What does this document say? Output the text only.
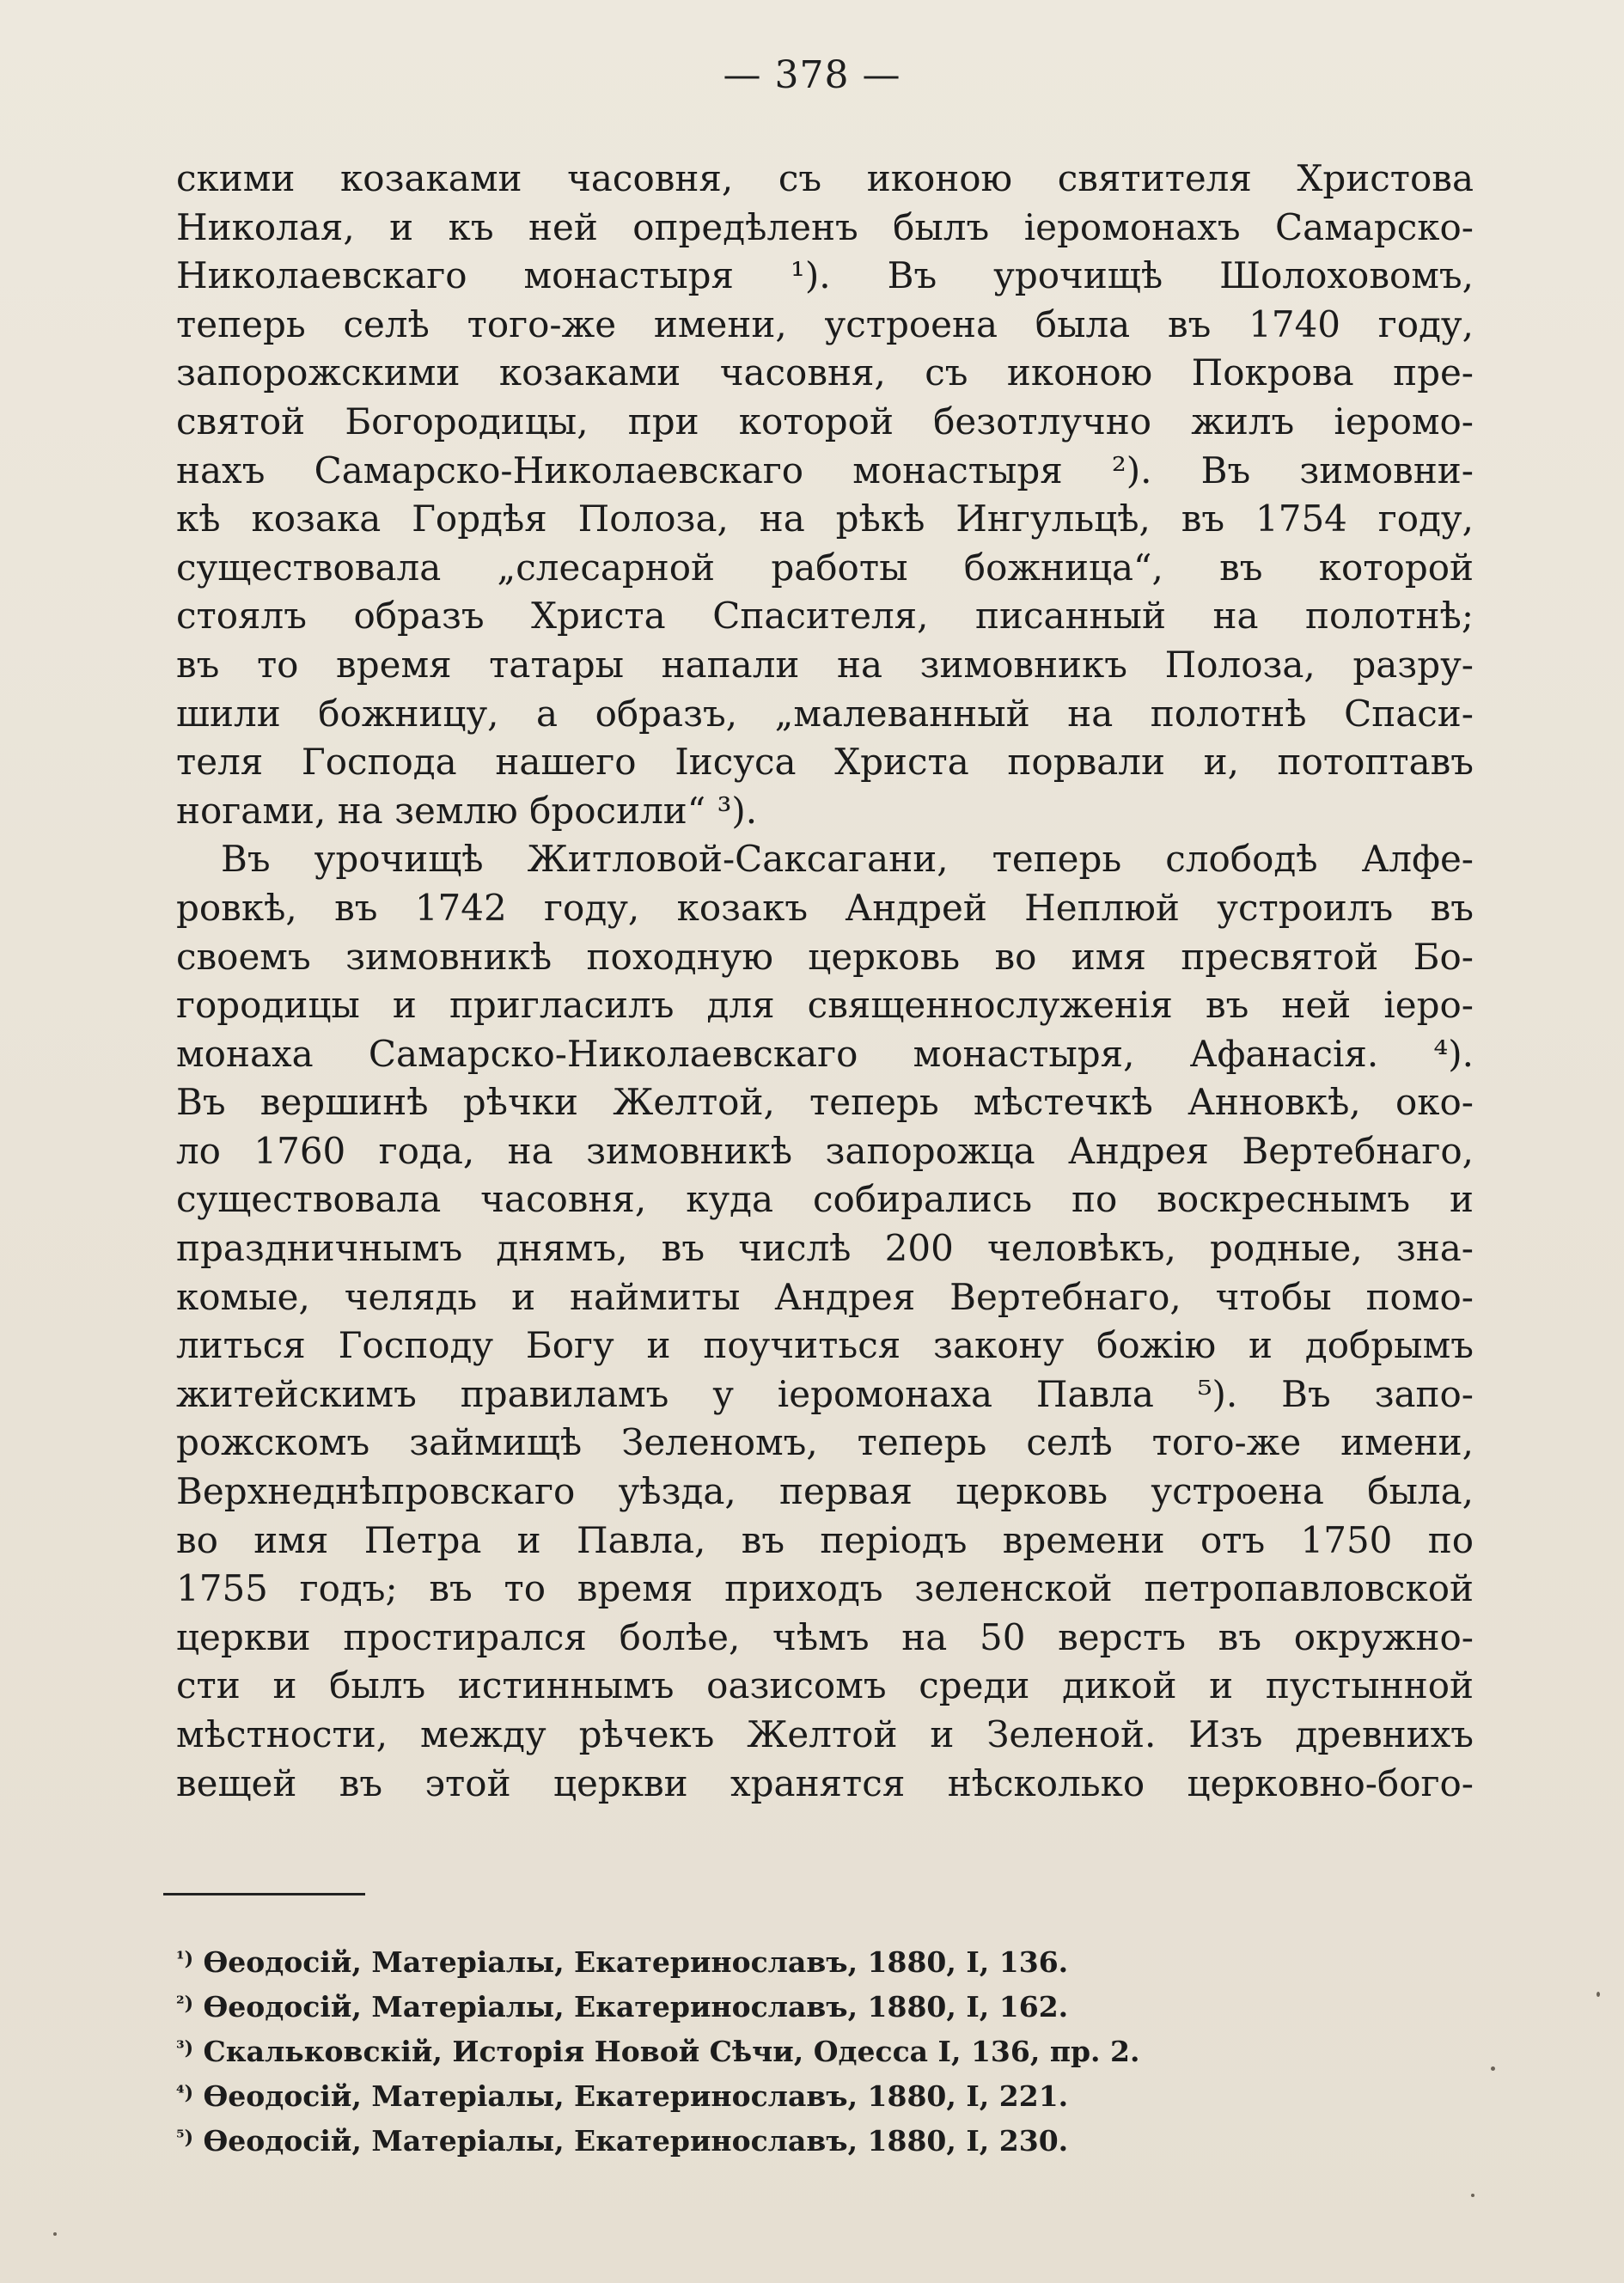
— 378 —
скими козаками часовня, съ иконою святителя Христова
Николая, и къ ней опредѣленъ былъ іеромонахъ Самарско-
Николаевскаго монастыря ¹). Въ урочищѣ Шолоховомъ,
теперь селѣ того-же имени, устроена была въ 1740 году,
запорожскими козаками часовня, съ иконою Покрова пре-
святой Богородицы, при которой безотлучно жилъ іеромо-
нахъ Самарско-Николаевскаго монастыря ²). Въ зимовни-
кѣ козака Гордѣя Полоза, на рѣкѣ Ингульцѣ, въ 1754 году,
существовала „слесарной работы божница“, въ которой
стоялъ образъ Христа Спасителя, писанный на полотнѣ;
въ то время татары напали на зимовникъ Полоза, разру-
шили божницу, а образъ, „малеванный на полотнѣ Спаси-
теля Господа нашего Іисуса Христа порвали и, потоптавъ
ногами, на землю бросили“ ³).
Въ урочищѣ Житловой-Саксагани, теперь слободѣ Алфе-
ровкѣ, въ 1742 году, козакъ Андрей Неплюй устроилъ въ
своемъ зимовникѣ походную церковь во имя пресвятой Бо-
городицы и пригласилъ для священнослуженія въ ней іеро-
монаха Самарско-Николаевскаго монастыря, Афанасія. ⁴).
Въ вершинѣ рѣчки Желтой, теперь мѣстечкѣ Анновкѣ, око-
ло 1760 года, на зимовникѣ запорожца Андрея Вертебнаго,
существовала часовня, куда собирались по воскреснымъ и
праздничнымъ днямъ, въ числѣ 200 человѣкъ, родные, зна-
комые, челядь и наймиты Андрея Вертебнаго, чтобы помо-
литься Господу Богу и поучиться закону божію и добрымъ
житейскимъ правиламъ у іеромонаха Павла ⁵). Въ запо-
рожскомъ займищѣ Зеленомъ, теперь селѣ того-же имени,
Верхнеднѣпровскаго уѣзда, первая церковь устроена была,
во имя Петра и Павла, въ періодъ времени отъ 1750 по
1755 годъ; въ то время приходъ зеленской петропавловской
церкви простирался болѣе, чѣмъ на 50 верстъ въ окружно-
сти и былъ истиннымъ оазисомъ среди дикой и пустынной
мѣстности, между рѣчекъ Желтой и Зеленой. Изъ древнихъ
вещей въ этой церкви хранятся нѣсколько церковно-бого-
$^{^1)}$ Ѳеодосій, Матеріалы, Екатеринославъ, 1880, I, 136.
$^{^2)}$ Ѳеодосій, Матеріалы, Екатеринославъ, 1880, I, 162.
$^{^3)}$ Скальковскій, Исторія Новой Сѣчи, Одесса I, 136, пр. 2.
$^{^4)}$ Ѳеодосій, Матеріалы, Екатеринославъ, 1880, I, 221.
$^{^5)}$ Ѳеодосій, Матеріалы, Екатеринославъ, 1880, I, 230.
